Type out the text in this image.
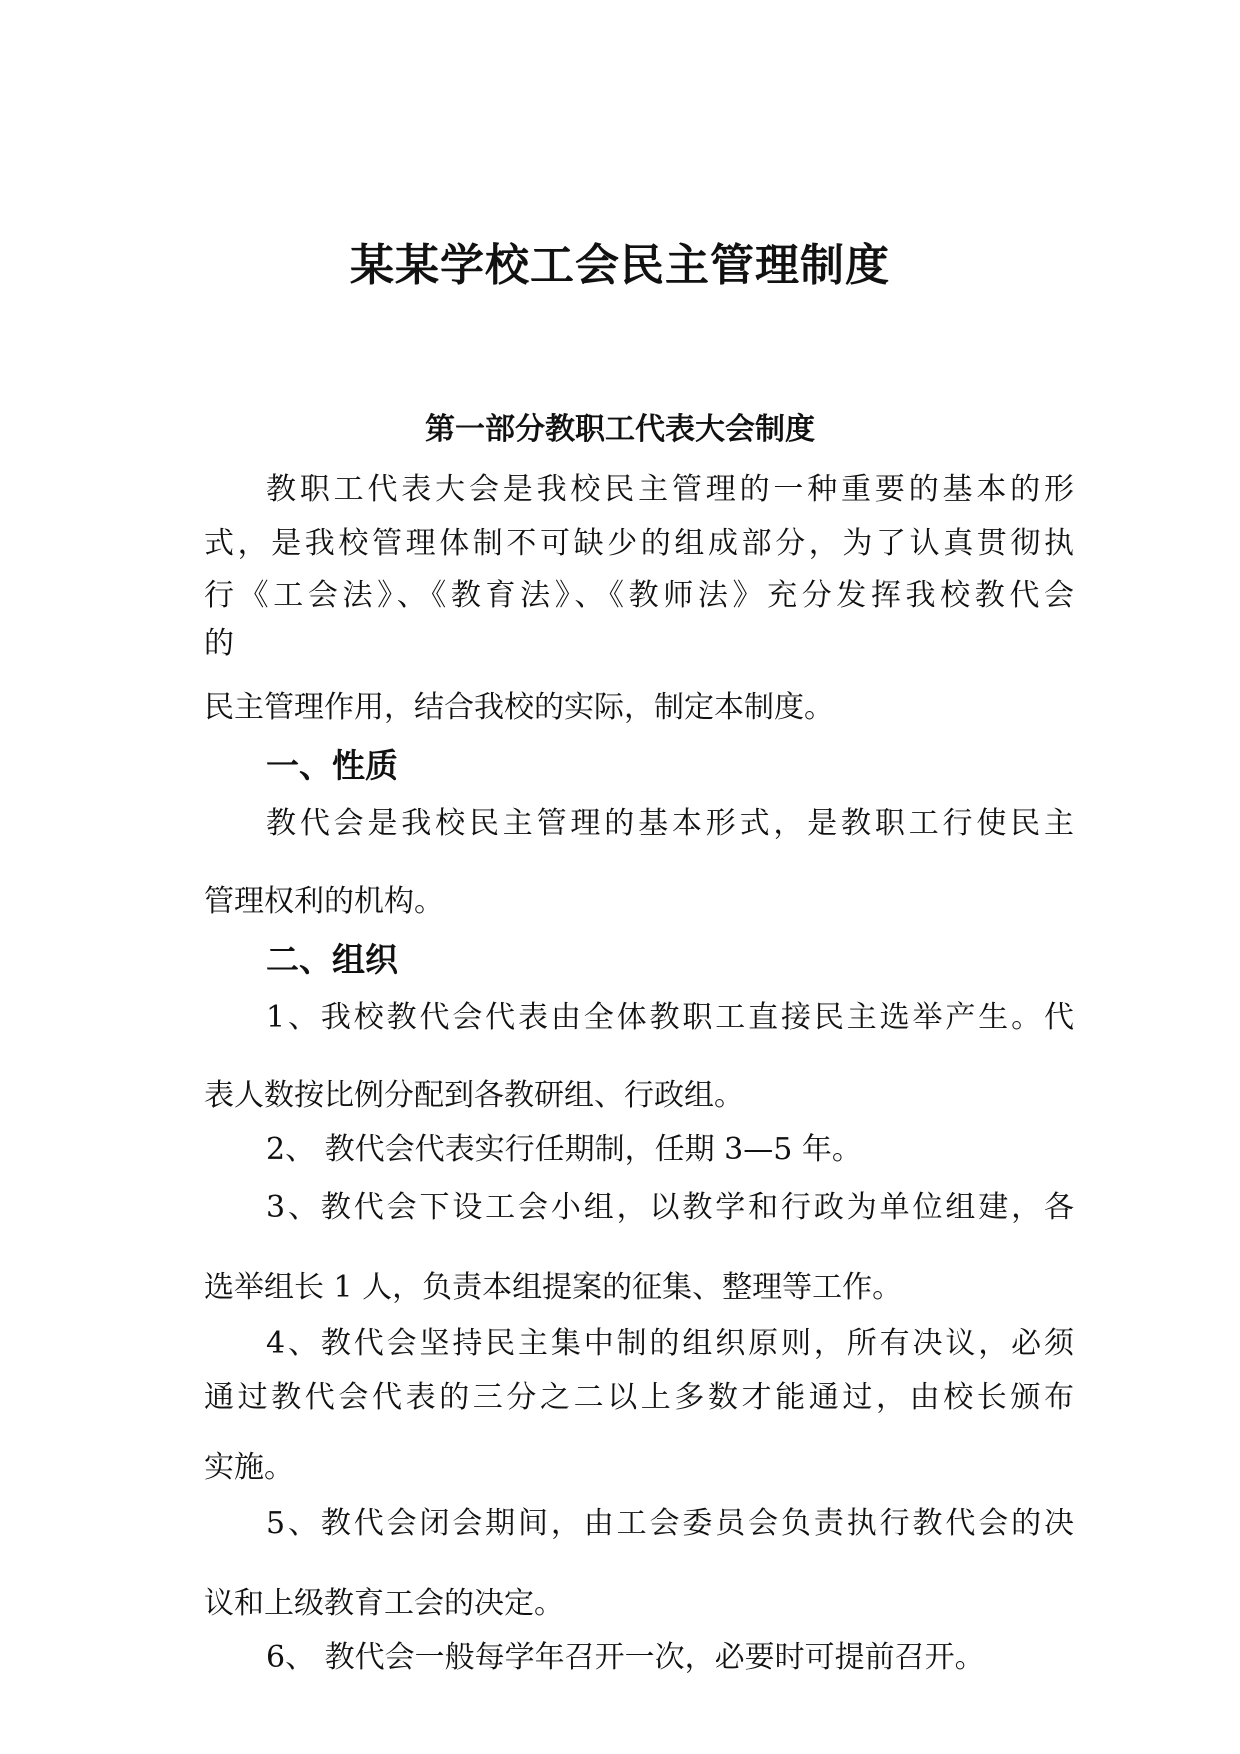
某某学校工会民主管理制度
第一部分教职工代表大会制度
教职工代表大会是我校民主管理的一种重要的基本的形
式，是我校管理体制不可缺少的组成部分，为了认真贯彻执
行《工会法》、《教育法》、《教师法》充分发挥我校教代会
的
民主管理作用，结合我校的实际，制定本制度。
一、性质
教代会是我校民主管理的基本形式，是教职工行使民主
管理权利的机构。
二、组织
1、我校教代会代表由全体教职工直接民主选举产生。代
表人数按比例分配到各教研组、行政组。
2、 教代会代表实行任期制，任期 3—5 年。
3、教代会下设工会小组，以教学和行政为单位组建，各
选举组长 1 人，负责本组提案的征集、整理等工作。
4、教代会坚持民主集中制的组织原则，所有决议，必须
通过教代会代表的三分之二以上多数才能通过，由校长颁布
实施。
5、教代会闭会期间，由工会委员会负责执行教代会的决
议和上级教育工会的决定。
6、 教代会一般每学年召开一次，必要时可提前召开。
